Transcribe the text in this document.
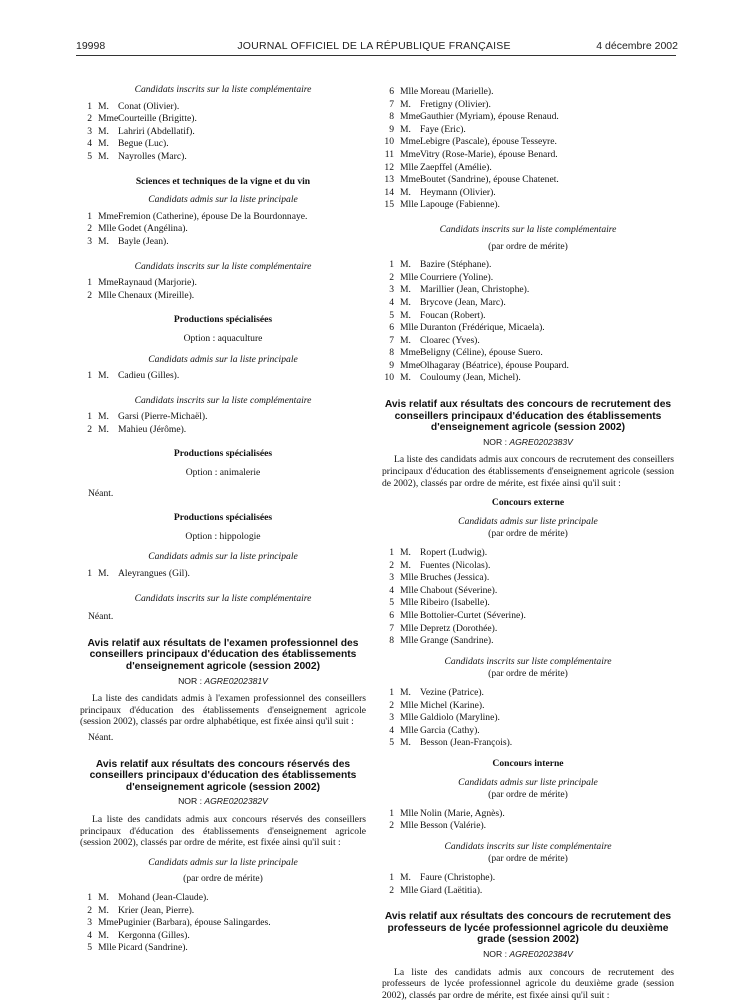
19998	JOURNAL OFFICIEL DE LA RÉPUBLIQUE FRANÇAISE	4 décembre 2002
Candidats inscrits sur la liste complémentaire
1 M. Conat (Olivier).
2 Mme Courteille (Brigitte).
3 M. Lahriri (Abdellatif).
4 M. Begue (Luc).
5 M. Nayrolles (Marc).
Sciences et techniques de la vigne et du vin
Candidats admis sur la liste principale
1 Mme Fremion (Catherine), épouse De la Bourdonnaye.
2 Mlle Godet (Angélina).
3 M. Bayle (Jean).
Candidats inscrits sur la liste complémentaire
1 Mme Raynaud (Marjorie).
2 Mlle Chenaux (Mireille).
Productions spécialisées
Option : aquaculture
Candidats admis sur la liste principale
1 M. Cadieu (Gilles).
Candidats inscrits sur la liste complémentaire
1 M. Garsi (Pierre-Michaël).
2 M. Mahieu (Jérôme).
Productions spécialisées
Option : animalerie
Néant.
Productions spécialisées
Option : hippologie
Candidats admis sur la liste principale
1 M. Aleyrangues (Gil).
Candidats inscrits sur la liste complémentaire
Néant.
Avis relatif aux résultats de l'examen professionnel des conseillers principaux d'éducation des établissements d'enseignement agricole (session 2002)
NOR : AGRE0202381V

La liste des candidats admis à l'examen professionnel des conseillers principaux d'éducation des établissements d'enseignement agricole (session 2002), classés par ordre alphabétique, est fixée ainsi qu'il suit :

Néant.
Avis relatif aux résultats des concours réservés des conseillers principaux d'éducation des établissements d'enseignement agricole (session 2002)
NOR : AGRE0202382V

La liste des candidats admis aux concours réservés des conseillers principaux d'éducation des établissements d'enseignement agricole (session 2002), classés par ordre de mérite, est fixée ainsi qu'il suit :

Candidats admis sur la liste principale
(par ordre de mérite)
1 M. Mohand (Jean-Claude).
2 M. Krier (Jean, Pierre).
3 Mme Puginier (Barbara), épouse Salingardes.
4 M. Kergonna (Gilles).
5 Mlle Picard (Sandrine).
6 Mlle Moreau (Marielle).
7 M. Fretigny (Olivier).
8 Mme Gauthier (Myriam), épouse Renaud.
9 M. Faye (Eric).
10 Mme Lebigre (Pascale), épouse Tesseyre.
11 Mme Vitry (Rose-Marie), épouse Benard.
12 Mlle Zaepffel (Amélie).
13 Mme Boutet (Sandrine), épouse Chatenet.
14 M. Heymann (Olivier).
15 Mlle Lapouge (Fabienne).
Candidats inscrits sur la liste complémentaire
(par ordre de mérite)
1 M. Bazire (Stéphane).
2 Mlle Courriere (Yoline).
3 M. Marillier (Jean, Christophe).
4 M. Brycove (Jean, Marc).
5 M. Foucan (Robert).
6 Mlle Duranton (Frédérique, Micaela).
7 M. Cloarec (Yves).
8 Mme Beligny (Céline), épouse Suero.
9 Mme Olhagaray (Béatrice), épouse Poupard.
10 M. Couloumy (Jean, Michel).
Avis relatif aux résultats des concours de recrutement des conseillers principaux d'éducation des établissements d'enseignement agricole (session 2002)
NOR : AGRE0202383V

La liste des candidats admis aux concours de recrutement des conseillers principaux d'éducation des établissements d'enseignement agricole (session de 2002), classés par ordre de mérite, est fixée ainsi qu'il suit :

Concours externe
Candidats admis sur liste principale
(par ordre de mérite)
1 M. Ropert (Ludwig).
2 M. Fuentes (Nicolas).
3 Mlle Bruches (Jessica).
4 Mlle Chabout (Séverine).
5 Mlle Ribeiro (Isabelle).
6 Mlle Bottolier-Curtet (Séverine).
7 Mlle Depretz (Dorothée).
8 Mlle Grange (Sandrine).
Candidats inscrits sur liste complémentaire
(par ordre de mérite)
1 M. Vezine (Patrice).
2 Mlle Michel (Karine).
3 Mlle Galdiolo (Maryline).
4 Mlle Garcia (Cathy).
5 M. Besson (Jean-François).
Concours interne
Candidats admis sur liste principale
(par ordre de mérite)
1 Mlle Nolin (Marie, Agnès).
2 Mlle Besson (Valérie).
Candidats inscrits sur liste complémentaire
(par ordre de mérite)
1 M. Faure (Christophe).
2 Mlle Giard (Laëtitia).
Avis relatif aux résultats des concours de recrutement des professeurs de lycée professionnel agricole du deuxième grade (session 2002)
NOR : AGRE0202384V

La liste des candidats admis aux concours de recrutement des professeurs de lycée professionnel agricole du deuxième grade (session 2002), classés par ordre de mérite, est fixée ainsi qu'il suit :
